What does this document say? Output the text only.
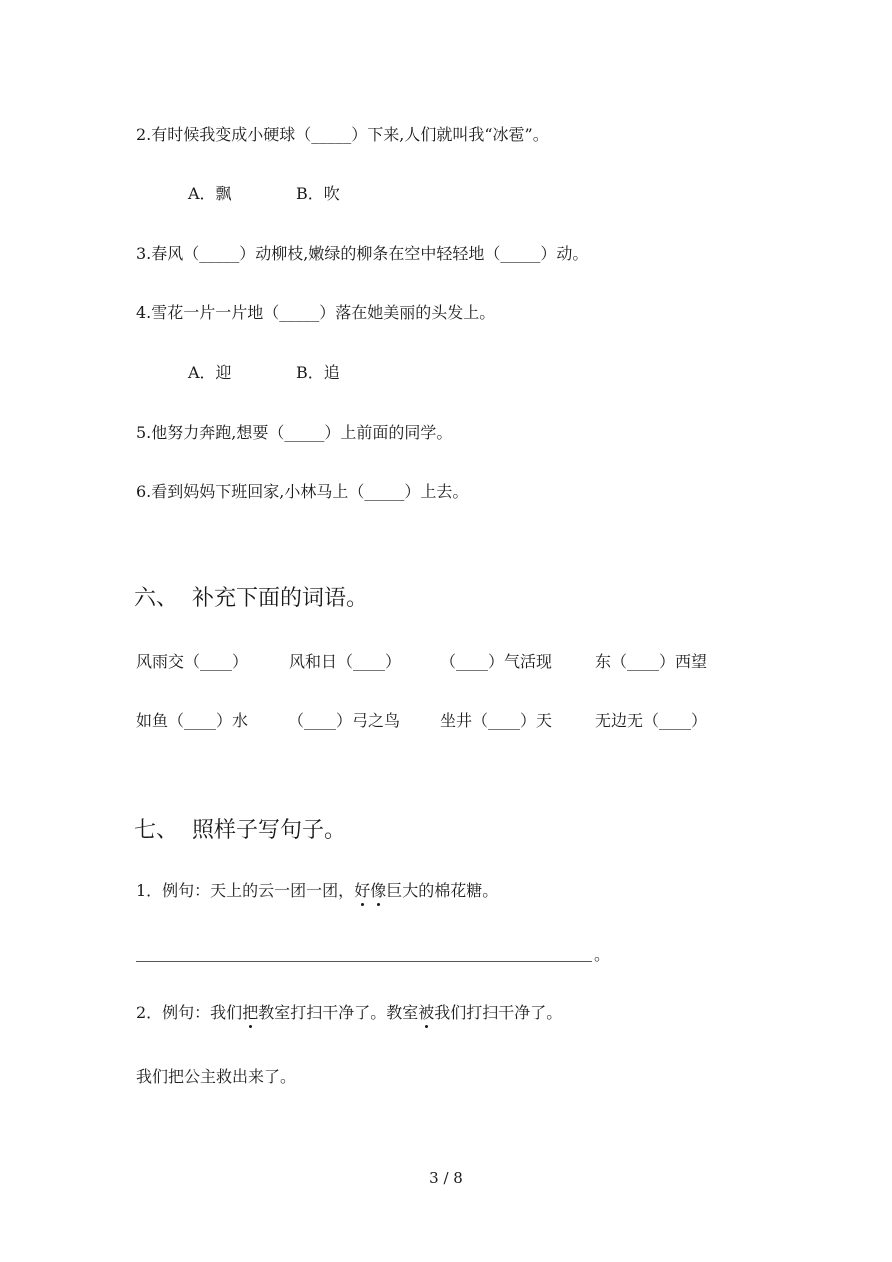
2.有时候我变成小硬球（_____）下来,人们就叫我“冰雹”。
A．飘	B．吹
3.春风（_____）动柳枝,嫩绿的柳条在空中轻轻地（_____）动。
4.雪花一片一片地（_____）落在她美丽的头发上。
A．迎	B．追
5.他努力奔跑,想要（_____）上前面的同学。
6.看到妈妈下班回家,小林马上（_____）上去。
六、  补充下面的词语。
风雨交（____）	风和日（____） （____）气活现	东（____）西望
如鱼（____）水 （____）弓之鸟 坐井（____）天	无边无（____）
七、  照样子写句子。
1．例句：天上的云一团一团，好像巨大的棉花糖。
。
2．例句：我们把教室打扫干净了。教室被我们打扫干净了。
我们把公主救出来了。
3 / 8
